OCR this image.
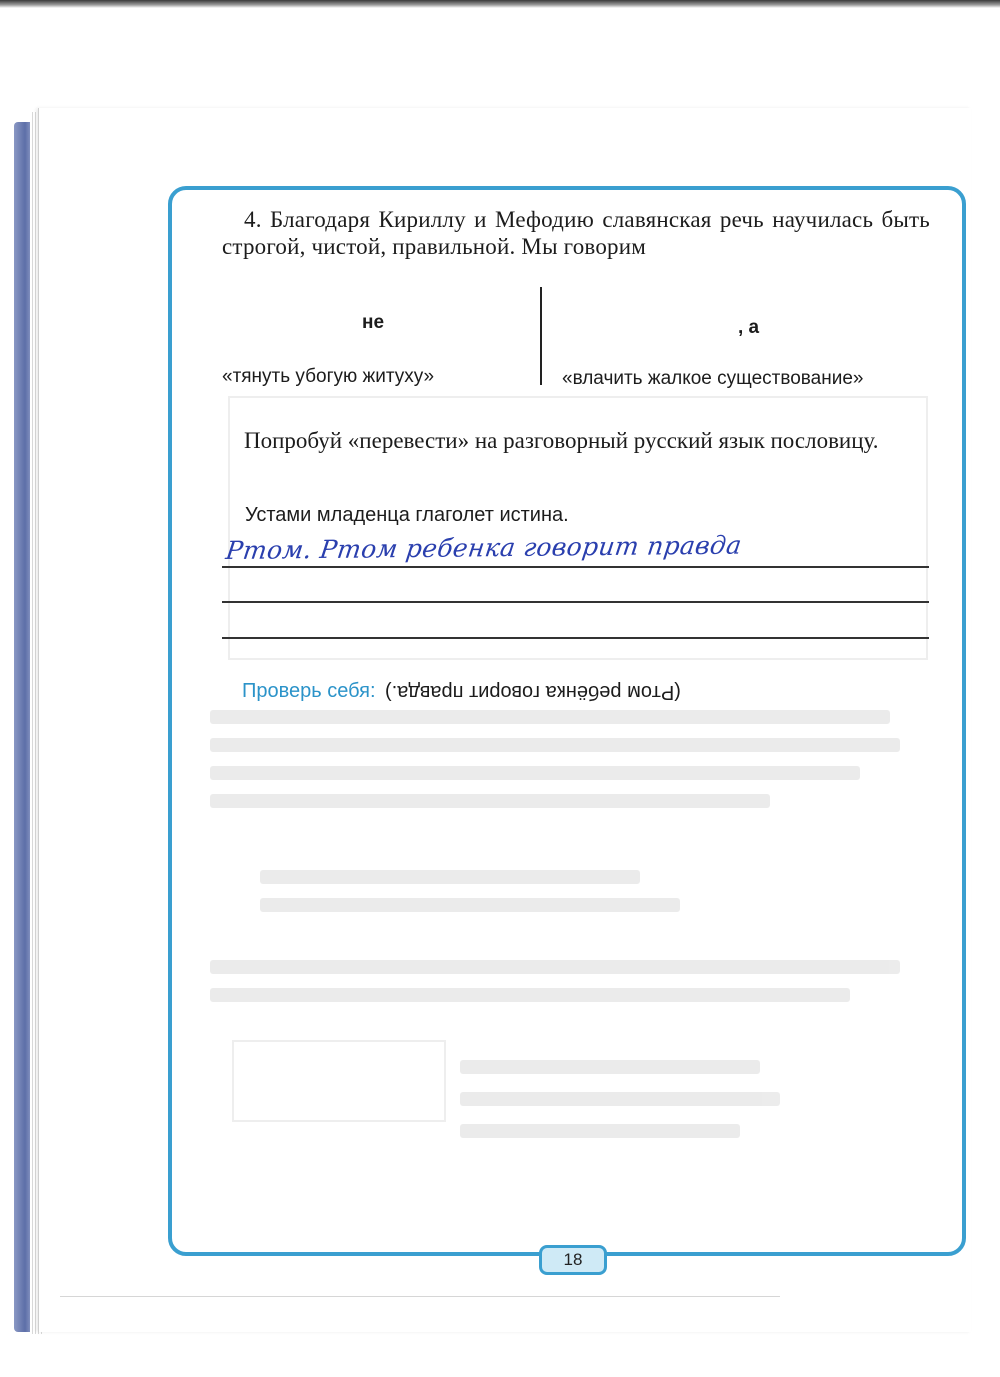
4. Благодаря Кириллу и Мефодию славянская речь научилась быть строгой, чистой, правильной. Мы говорим

не	, а
«тянуть убогую житуху»	«влачить жалкое существование»

Попробуй «перевести» на разговорный русский язык пословицу.

Устами младенца глаголет истина.
Ртом. Ртом ребенка говорит правда
Проверь себя: (Ртом ребёнка говорит правда.)
18
